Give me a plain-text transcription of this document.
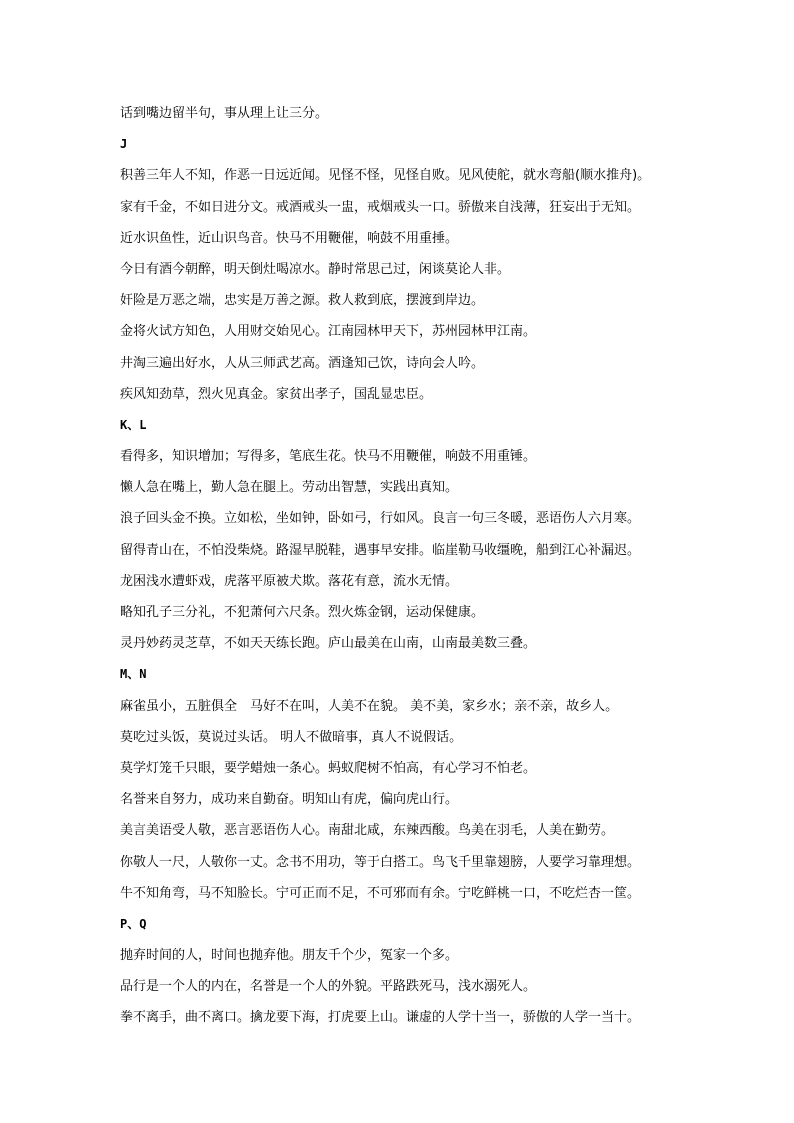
话到嘴边留半句，事从理上让三分。
J
积善三年人不知，作恶一日远近闻。见怪不怪，见怪自败。见风使舵，就水弯船(顺水推舟)。
家有千金，不如日进分文。戒酒戒头一盅，戒烟戒头一口。骄傲来自浅薄，狂妄出于无知。
近水识鱼性，近山识鸟音。快马不用鞭催，响鼓不用重捶。
今日有酒今朝醉，明天倒灶喝凉水。静时常思己过，闲谈莫论人非。
奸险是万恶之端，忠实是万善之源。救人救到底，摆渡到岸边。
金将火试方知色，人用财交始见心。江南园林甲天下，苏州园林甲江南。
井淘三遍出好水，人从三师武艺高。酒逢知己饮，诗向会人吟。
疾风知劲草，烈火见真金。家贫出孝子，国乱显忠臣。
K、L
看得多，知识增加；写得多，笔底生花。快马不用鞭催，响鼓不用重锤。
懒人急在嘴上，勤人急在腿上。劳动出智慧，实践出真知。
浪子回头金不换。立如松，坐如钟，卧如弓，行如风。良言一句三冬暖，恶语伤人六月寒。
留得青山在，不怕没柴烧。路湿早脱鞋，遇事早安排。临崖勒马收缰晚，船到江心补漏迟。
龙困浅水遭虾戏，虎落平原被犬欺。落花有意，流水无情。
略知孔子三分礼，不犯萧何六尺条。烈火炼金钢，运动保健康。
灵丹妙药灵芝草，不如天天练长跑。庐山最美在山南，山南最美数三叠。
M、N
麻雀虽小，五脏俱全　马好不在叫，人美不在貌。 美不美，家乡水；亲不亲，故乡人。
莫吃过头饭，莫说过头话。 明人不做暗事，真人不说假话。
莫学灯笼千只眼，要学蜡烛一条心。蚂蚁爬树不怕高，有心学习不怕老。
名誉来自努力，成功来自勤奋。明知山有虎，偏向虎山行。
美言美语受人敬，恶言恶语伤人心。南甜北咸，东辣西酸。鸟美在羽毛，人美在勤劳。
你敬人一尺，人敬你一丈。念书不用功，等于白搭工。鸟飞千里靠翅膀，人要学习靠理想。
牛不知角弯，马不知脸长。宁可正而不足，不可邪而有余。宁吃鲜桃一口，不吃烂杏一筐。
P、Q
抛弃时间的人，时间也抛弃他。朋友千个少，冤家一个多。
品行是一个人的内在，名誉是一个人的外貌。平路跌死马，浅水溺死人。
拳不离手，曲不离口。擒龙要下海，打虎要上山。谦虚的人学十当一，骄傲的人学一当十。
